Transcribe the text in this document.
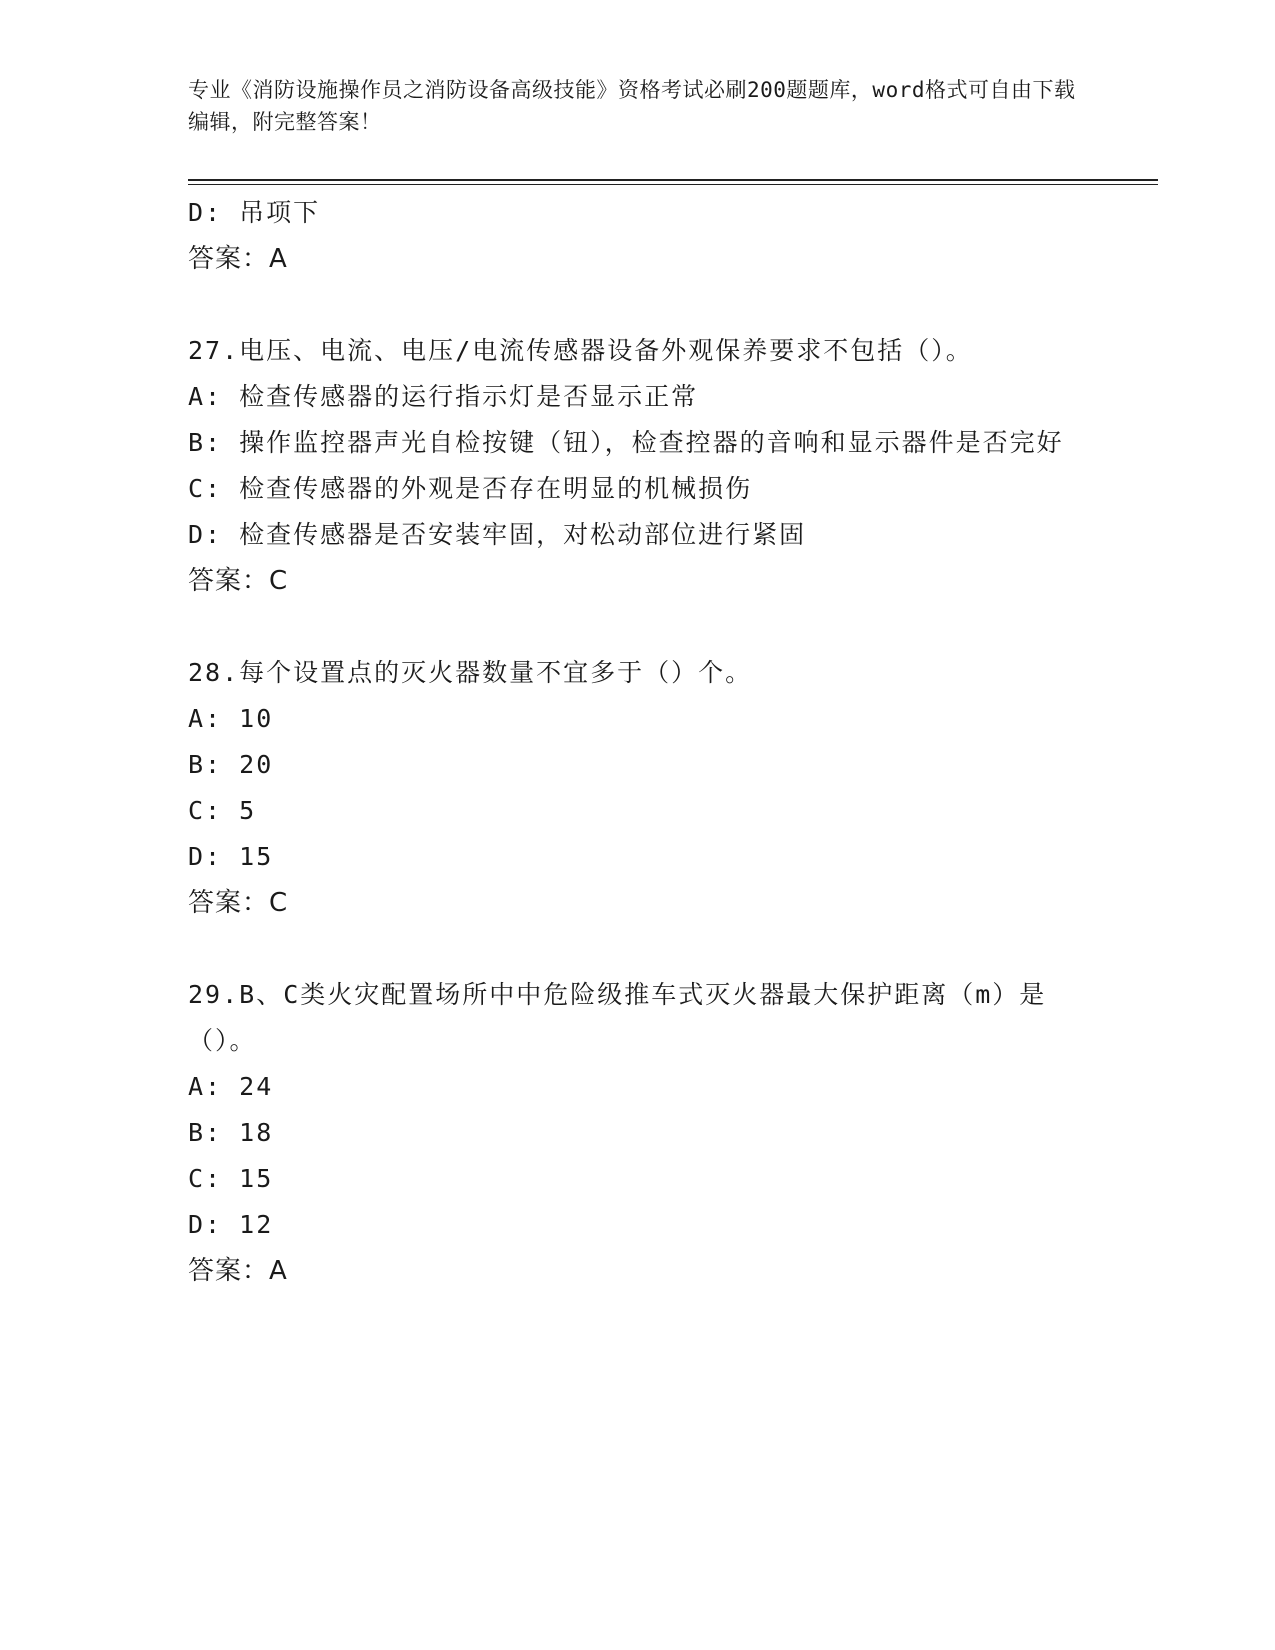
专业《消防设施操作员之消防设备高级技能》资格考试必刷200题题库，word格式可自由下载编辑，附完整答案！
D: 吊项下
答案：A
27.电压、电流、电压/电流传感器设备外观保养要求不包括（）。
A: 检查传感器的运行指示灯是否显示正常
B: 操作监控器声光自检按键（钮），检查控器的音响和显示器件是否完好
C: 检查传感器的外观是否存在明显的机械损伤
D: 检查传感器是否安装牢固，对松动部位进行紧固
答案：C
28.每个设置点的灭火器数量不宜多于（）个。
A: 10
B: 20
C: 5
D: 15
答案：C
29.B、C类火灾配置场所中中危险级推车式灭火器最大保护距离（m）是（）。
A: 24
B: 18
C: 15
D: 12
答案：A
